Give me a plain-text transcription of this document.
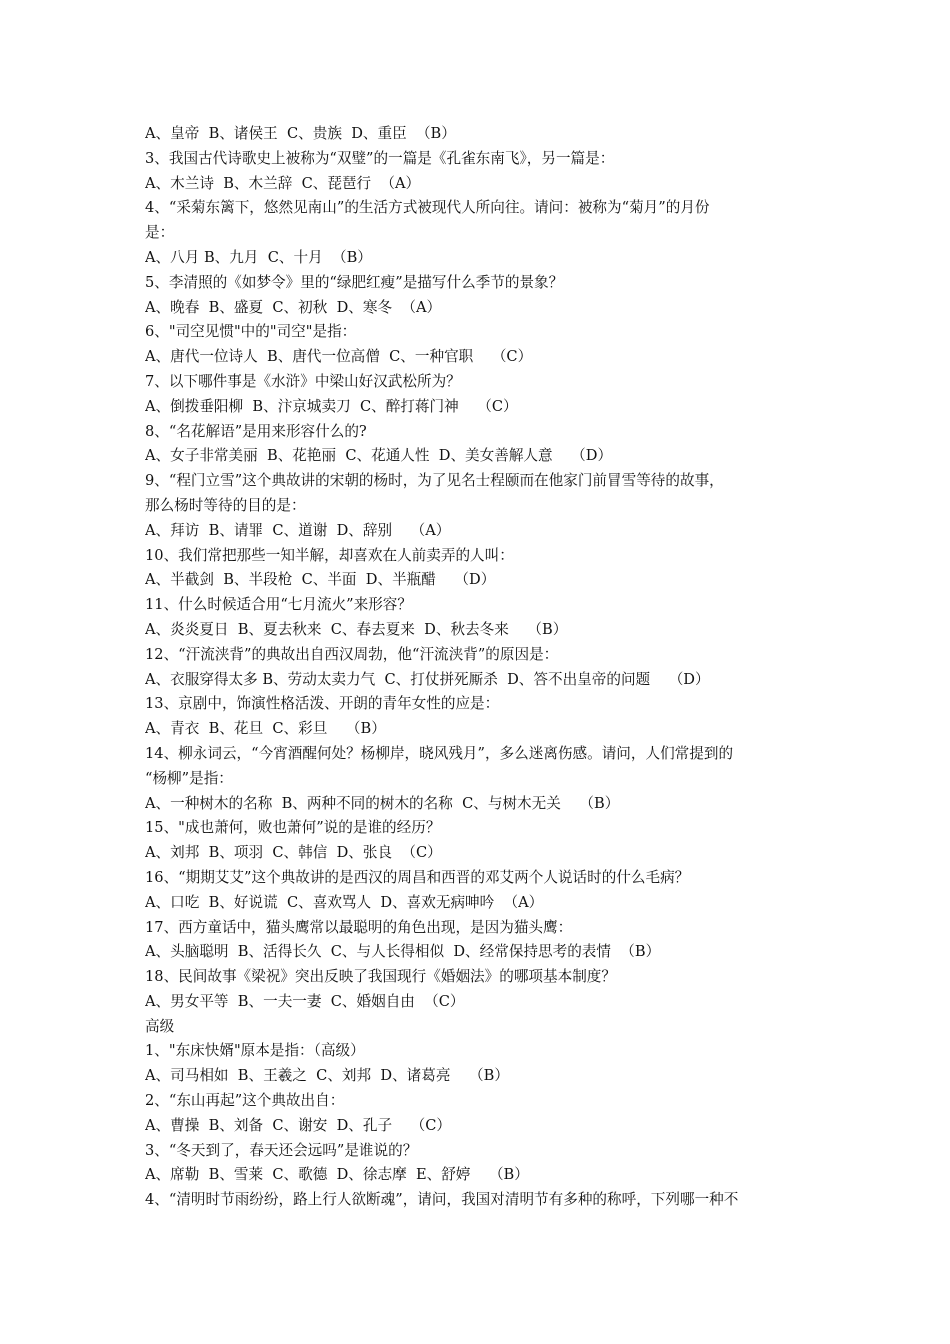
A、皇帝  B、诸侯王  C、贵族  D、重臣  （B）
3、我国古代诗歌史上被称为“双璧”的一篇是《孔雀东南飞》，另一篇是：
A、木兰诗  B、木兰辞  C、琵琶行  （A）
4、“采菊东篱下，悠然见南山”的生活方式被现代人所向往。请问：被称为“菊月”的月份
是：
A、八月 B、九月  C、十月  （B）
5、李清照的《如梦令》里的“绿肥红瘦”是描写什么季节的景象？
A、晚春  B、盛夏  C、初秋  D、寒冬  （A）
6、"司空见惯"中的"司空"是指：
A、唐代一位诗人  B、唐代一位高僧  C、一种官职    （C）
7、以下哪件事是《水浒》中梁山好汉武松所为？
A、倒拨垂阳柳  B、汴京城卖刀  C、醉打蒋门神    （C）
8、“名花解语”是用来形容什么的?
A、女子非常美丽  B、花艳丽  C、花通人性  D、美女善解人意    （D）
9、“程门立雪”这个典故讲的宋朝的杨时，为了见名士程颐而在他家门前冒雪等待的故事，
那么杨时等待的目的是：
A、拜访  B、请罪  C、道谢  D、辞别    （A）
10、我们常把那些一知半解，却喜欢在人前卖弄的人叫：
A、半截剑  B、半段枪  C、半面  D、半瓶醋    （D）
11、什么时候适合用“七月流火”来形容？
A、炎炎夏日  B、夏去秋来  C、春去夏来  D、秋去冬来    （B）
12、“汗流浃背”的典故出自西汉周勃，他“汗流浃背”的原因是：
A、衣服穿得太多 B、劳动太卖力气  C、打仗拼死厮杀  D、答不出皇帝的问题    （D）
13、京剧中，饰演性格活泼、开朗的青年女性的应是：
A、青衣  B、花旦  C、彩旦    （B）
14、柳永词云，“今宵酒醒何处？杨柳岸，晓风残月”，多么迷离伤感。请问，人们常提到的
“杨柳”是指：
A、一种树木的名称  B、两种不同的树木的名称  C、与树木无关    （B）
15、"成也萧何，败也萧何”说的是谁的经历？
A、刘邦  B、项羽  C、韩信  D、张良  （C）
16、“期期艾艾”这个典故讲的是西汉的周昌和西晋的邓艾两个人说话时的什么毛病？
A、口吃  B、好说谎  C、喜欢骂人  D、喜欢无病呻吟  （A）
17、西方童话中，猫头鹰常以最聪明的角色出现，是因为猫头鹰：
A、头脑聪明  B、活得长久  C、与人长得相似  D、经常保持思考的表情  （B）
18、民间故事《梁祝》突出反映了我国现行《婚姻法》的哪项基本制度？
A、男女平等  B、一夫一妻  C、婚姻自由  （C）
高级
1、"东床快婿"原本是指：（高级）
A、司马相如  B、王羲之  C、刘邦  D、诸葛亮    （B）
2、“东山再起”这个典故出自：
A、曹操  B、刘备  C、谢安  D、孔子    （C）
3、“冬天到了，春天还会远吗”是谁说的？
A、席勒  B、雪莱  C、歌德  D、徐志摩  E、舒婷    （B）
4、“清明时节雨纷纷，路上行人欲断魂”，请问，我国对清明节有多种的称呼，下列哪一种不
